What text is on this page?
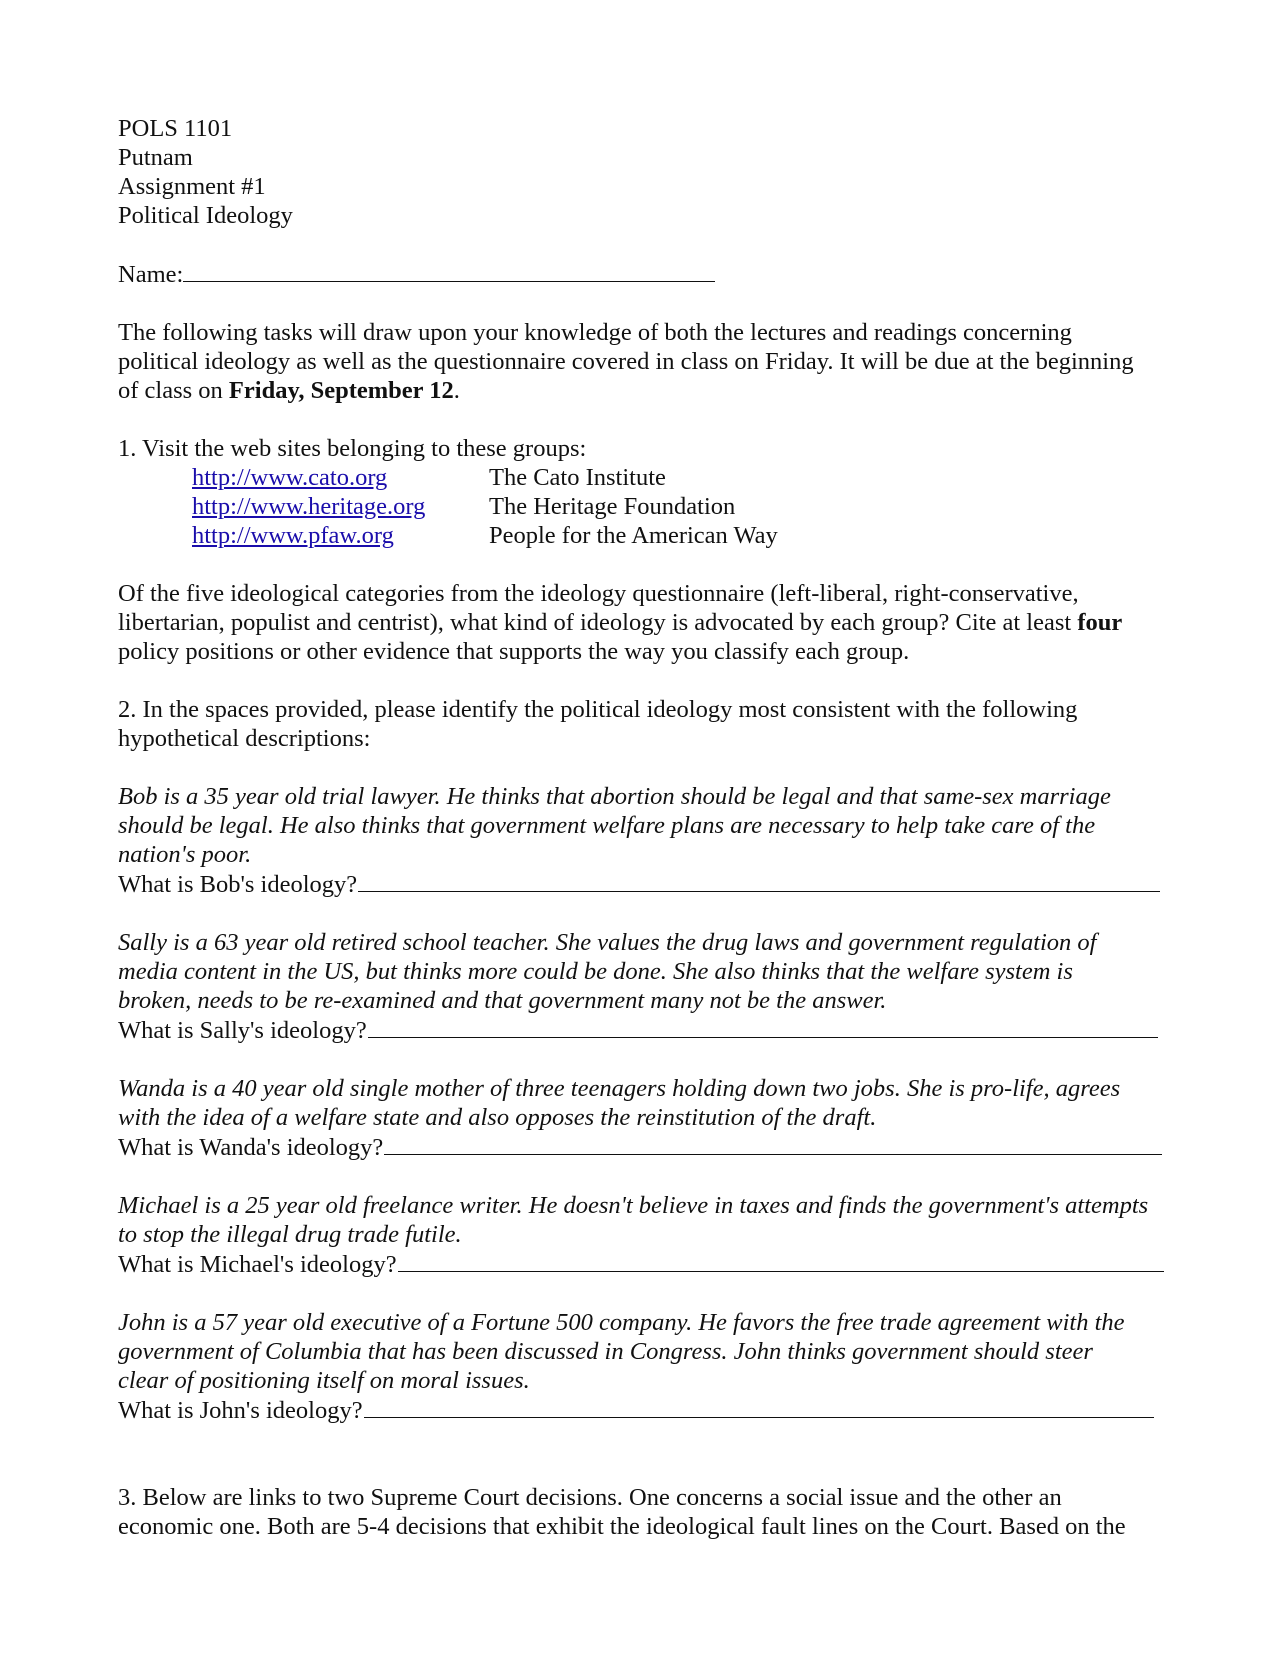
POLS 1101
Putnam
Assignment #1
Political Ideology
Name:

The following tasks will draw upon your knowledge of both the lectures and readings concerning political ideology as well as the questionnaire covered in class on Friday. It will be due at the beginning of class on Friday, September 12.

1. Visit the web sites belonging to these groups:
http://www.cato.org	The Cato Institute
http://www.heritage.org	The Heritage Foundation
http://www.pfaw.org	People for the American Way

Of the five ideological categories from the ideology questionnaire (left-liberal, right-conservative, libertarian, populist and centrist), what kind of ideology is advocated by each group? Cite at least four policy positions or other evidence that supports the way you classify each group.

2. In the spaces provided, please identify the political ideology most consistent with the following hypothetical descriptions:

Bob is a 35 year old trial lawyer. He thinks that abortion should be legal and that same-sex marriage
should be legal. He also thinks that government welfare plans are necessary to help take care of the
nation's poor.
What is Bob's ideology?
Sally is a 63 year old retired school teacher. She values the drug laws and government regulation of
media content in the US, but thinks more could be done. She also thinks that the welfare system is
broken, needs to be re-examined and that government many not be the answer.
What is Sally's ideology?
Wanda is a 40 year old single mother of three teenagers holding down two jobs. She is pro-life, agrees
with the idea of a welfare state and also opposes the reinstitution of the draft.
What is Wanda's ideology?
Michael is a 25 year old freelance writer. He doesn't believe in taxes and finds the government's attempts
to stop the illegal drug trade futile.
What is Michael's ideology?
John is a 57 year old executive of a Fortune 500 company. He favors the free trade agreement with the
government of Columbia that has been discussed in Congress. John thinks government should steer
clear of positioning itself on moral issues.
What is John's ideology?
3. Below are links to two Supreme Court decisions. One concerns a social issue and the other an
economic one. Both are 5-4 decisions that exhibit the ideological fault lines on the Court. Based on the
